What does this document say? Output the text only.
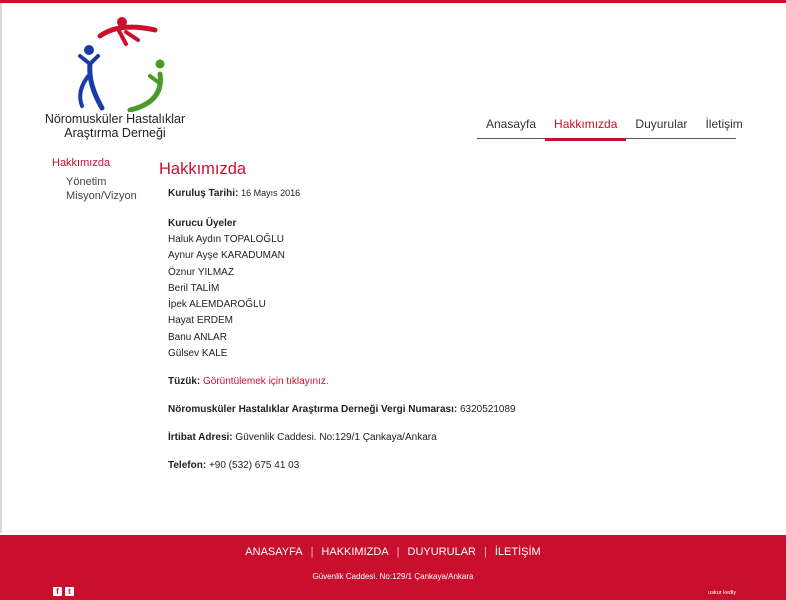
Nöromusküler Hastalıklar
Araştırma Derneği
Anasayfa	Hakkımızda	Duyurular	İletişim
Hakkımızda
Yönetim
Misyon/Vizyon
Hakkımızda
Kuruluş Tarihi: 16 Mayıs 2016
Kurucu Üyeler
Haluk Aydın TOPALOĞLU
Aynur Ayşe KARADUMAN
Öznur YILMAZ
Beril TALİM
İpek ALEMDAROĞLU
Hayat ERDEM
Banu ANLAR
Gülsev KALE
Tüzük: Görüntülemek için tıklayınız.
Nöromusküler Hastalıklar Araştırma Derneği Vergi Numarası: 6320521089
İrtibat Adresi: Güvenlik Caddesi. No:129/1 Çankaya/Ankara
Telefon: +90 (532) 675 41 03
ANASAYFA | HAKKIMIZDA | DUYURULAR | İLETİŞİM
Güvenlik Caddesi. No:129/1 Çankaya/Ankara
f	t	uskur kedly
